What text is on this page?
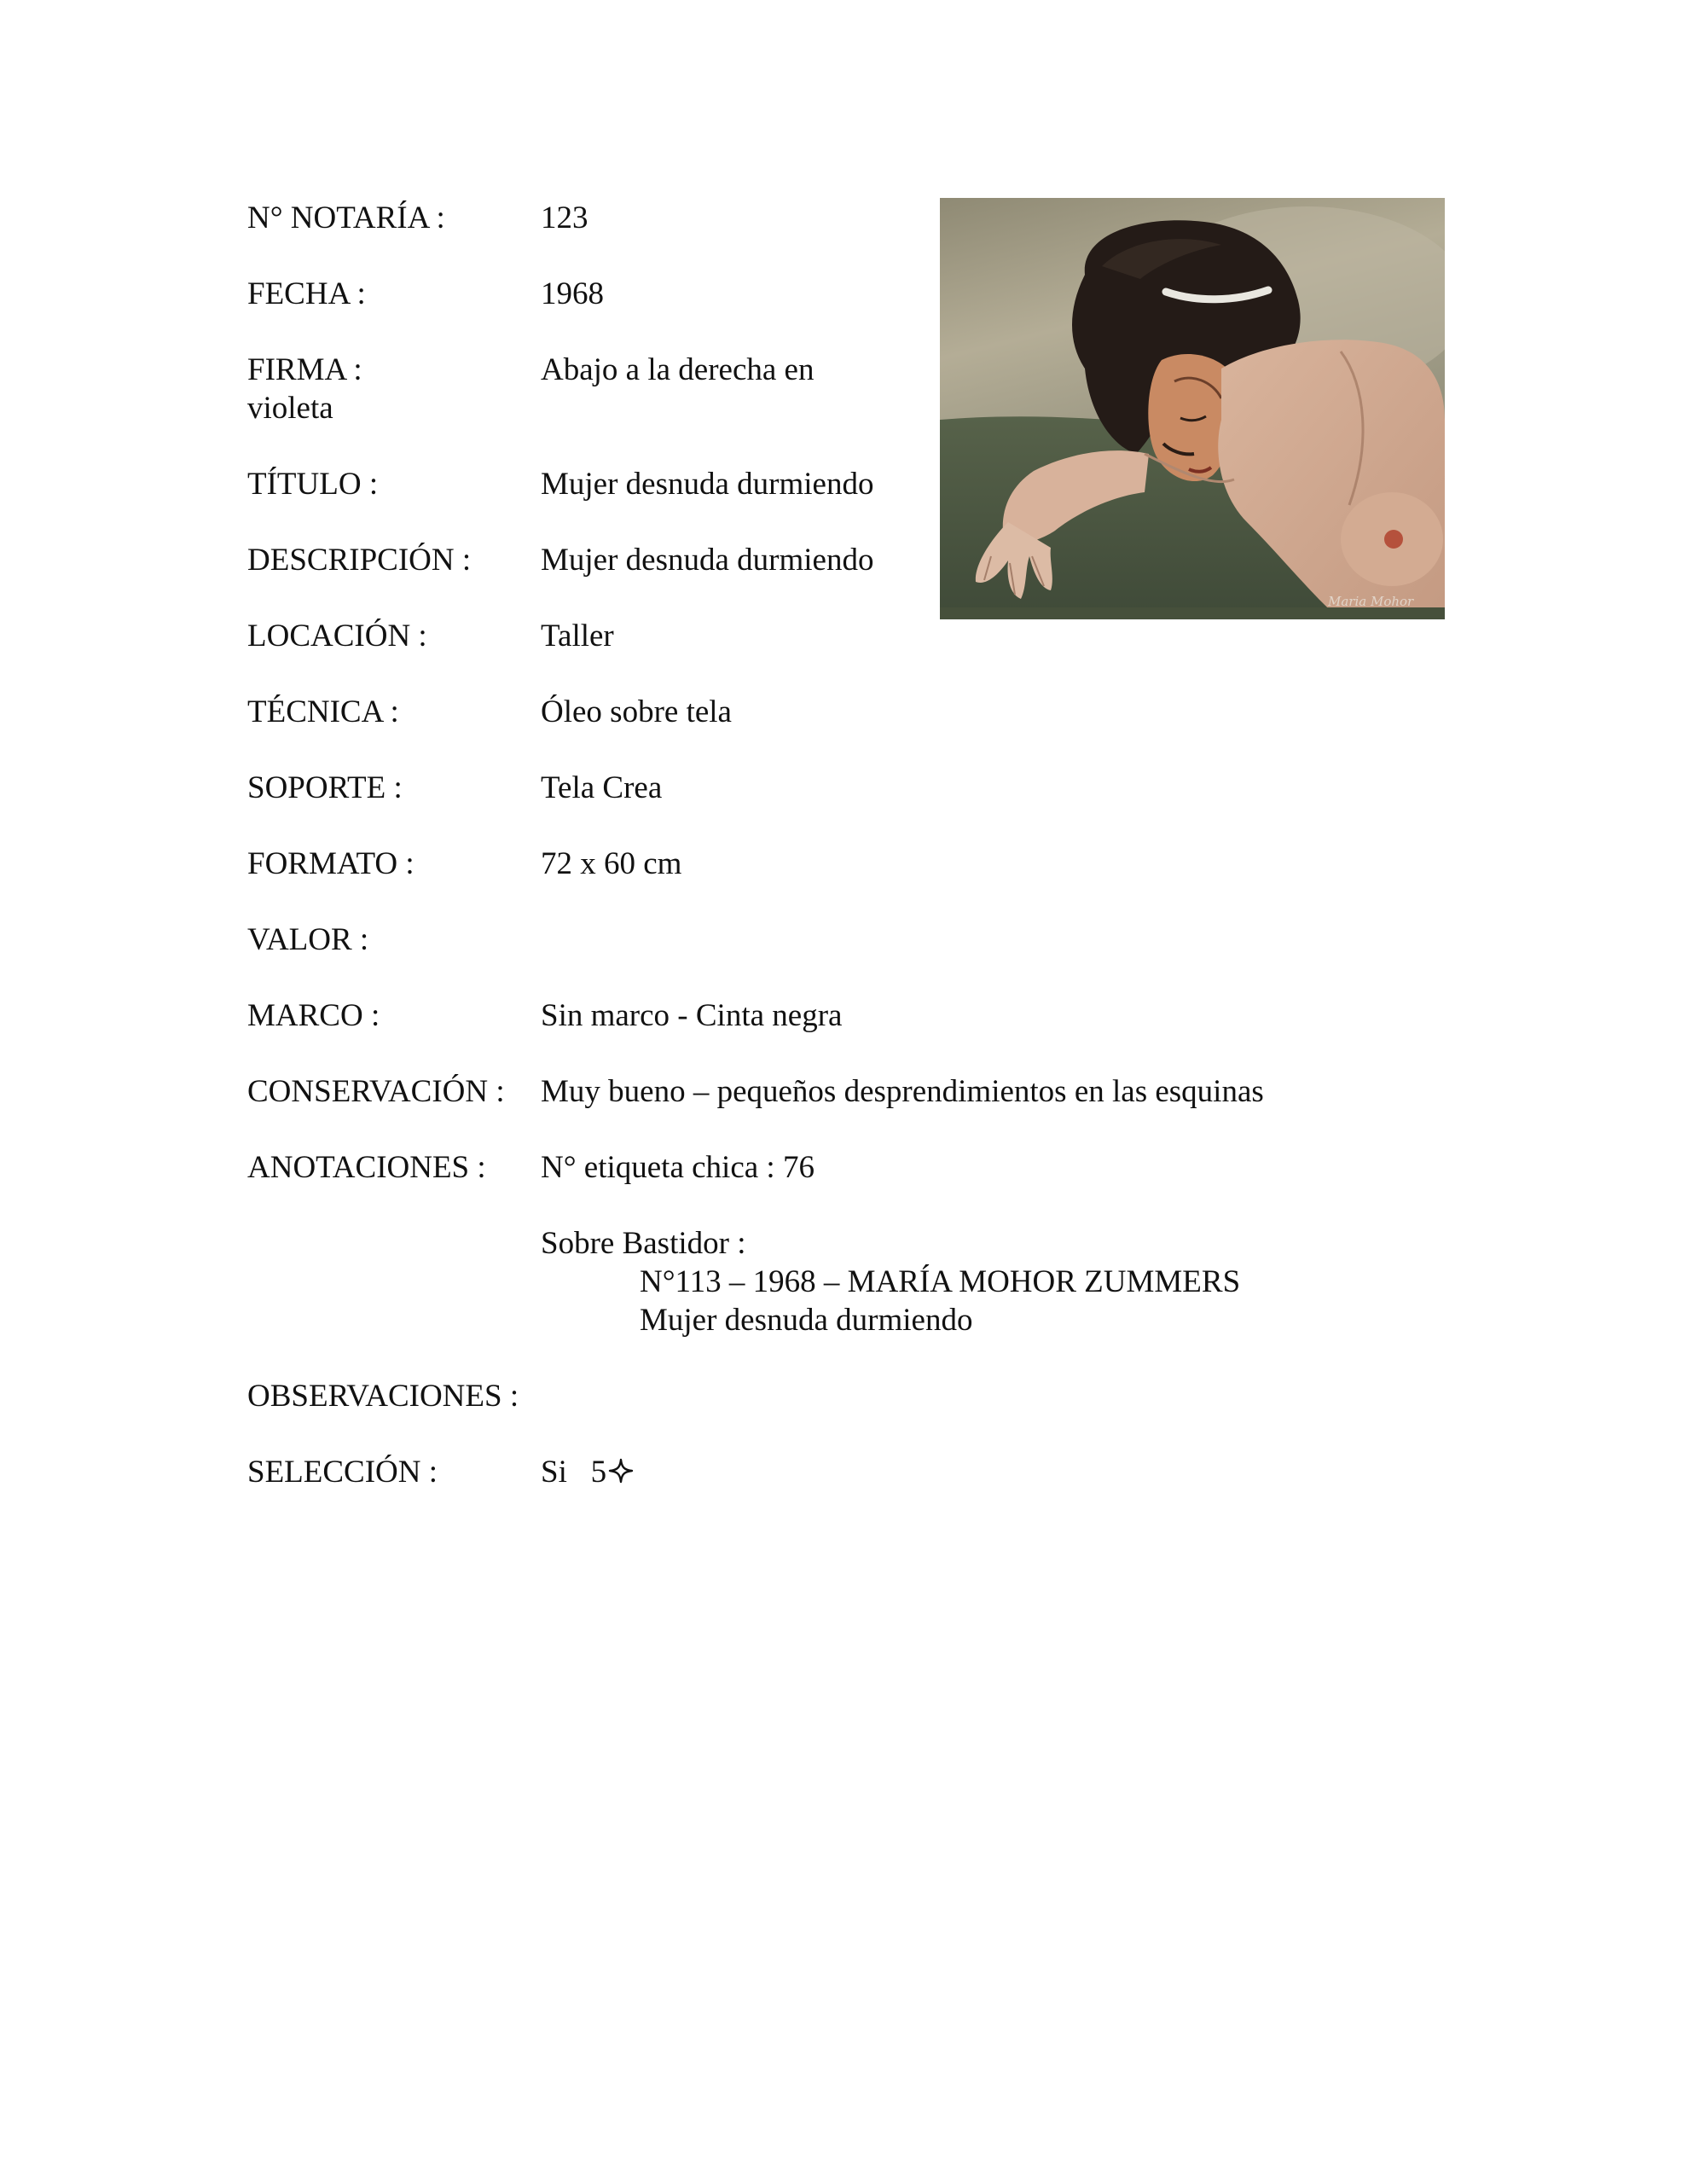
N° NOTARÍA :	123
FECHA :	1968
FIRMA :	Abajo a la derecha en
violeta
TÍTULO :	Mujer desnuda durmiendo
DESCRIPCIÓN : Mujer desnuda durmiendo
LOCACIÓN :	Taller
TÉCNICA :	Óleo sobre tela
SOPORTE :	Tela Crea
FORMATO :	72 x 60 cm
VALOR :
MARCO :	Sin marco - Cinta negra
CONSERVACIÓN : Muy bueno – pequeños desprendimientos en las esquinas
ANOTACIONES : N° etiqueta chica : 76
Sobre Bastidor :
N°113 – 1968 – MARÍA MOHOR ZUMMERS
Mujer desnuda durmiendo
OBSERVACIONES :
SELECCIÓN :	Si   5
Maria Mohor
